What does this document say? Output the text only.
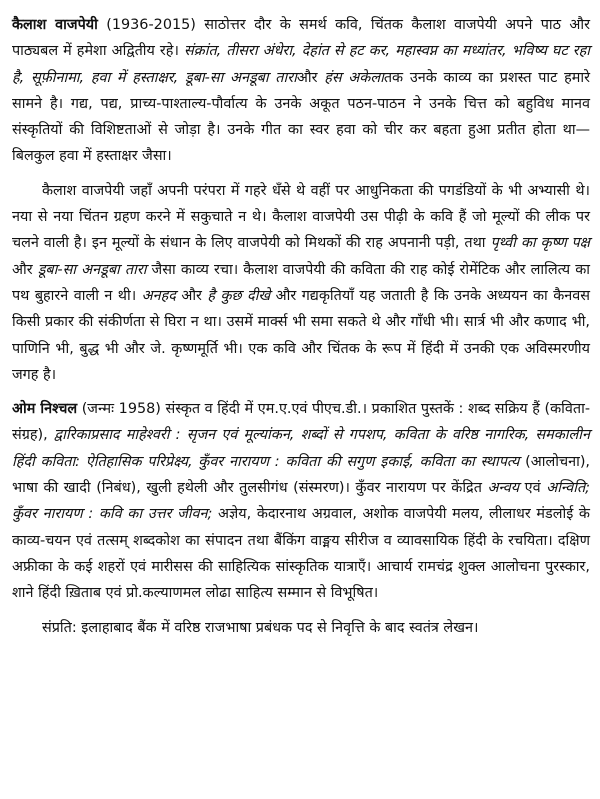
कैलाश वाजपेयी (1936-2015) साठोत्तर दौर के समर्थ कवि, चिंतक कैलाश वाजपेयी अपने पाठ और पाठ्यबल में हमेशा अद्वितीय रहे। संक्रांत, तीसरा अंधेरा, देहांत से हट कर, महास्वप्न का मध्यांतर, भविष्य घट रहा है, सूफ़ीनामा, हवा में हस्ताक्षर, डूबा-सा अनडूबा ताराऔर हंस अकेलातक उनके काव्य का प्रशस्त पाट हमारे सामने है। गद्य, पद्य, प्राच्य-पाश्ताल्य-पौर्वात्य के उनके अकूत पठन-पाठन ने उनके चित्त को बहुविध मानव संस्कृतियों की विशिष्टताओं से जोड़ा है। उनके गीत का स्वर हवा को चीर कर बहता हुआ प्रतीत होता था—बिलकुल हवा में हस्ताक्षर जैसा।

कैलाश वाजपेयी जहाँ अपनी परंपरा में गहरे धँसे थे वहीं पर आधुनिकता की पगडंडियों के भी अभ्यासी थे। नया से नया चिंतन ग्रहण करने में सकुचाते न थे। कैलाश वाजपेयी उस पीढ़ी के कवि हैं जो मूल्यों की लीक पर चलने वाली है। इन मूल्यों के संधान के लिए वाजपेयी को मिथकों की राह अपनानी पड़ी, तथा पृथ्वी का कृष्ण पक्ष और डूबा-सा अनडूबा तारा जैसा काव्य रचा। कैलाश वाजपेयी की कविता की राह कोई रोमेंटिक और लालित्य का पथ बुहारने वाली न थी। अनहद और है कुछ दीखे और गद्यकृतियाँ यह जताती है कि उनके अध्ययन का कैनवस किसी प्रकार की संकीर्णता से घिरा न था। उसमें मार्क्स भी समा सकते थे और गाँधी भी। सार्त्र भी और कणाद भी, पाणिनि भी, बुद्ध भी और जे. कृष्णमूर्ति भी। एक कवि और चिंतक के रूप में हिंदी में उनकी एक अविस्मरणीय जगह है।

ओम निश्चल (जन्मः 1958) संस्कृत व हिंदी में एम.ए.एवं पीएच.डी.। प्रकाशित पुस्तकें : शब्द सक्रिय हैं (कविता-संग्रह), द्वारिकाप्रसाद माहेश्वरी : सृजन एवं मूल्यांकन, शब्दों से गपशप, कविता के वरिष्ठ नागरिक, समकालीन हिंदी कविता: ऐतिहासिक परिप्रेक्ष्य, कुँवर नारायण : कविता की सगुण इकाई, कविता का स्थापत्य (आलोचना), भाषा की खादी (निबंध), खुली हथेली और तुलसीगंध (संस्मरण)। कुँवर नारायण पर केंद्रित अन्वय एवं अन्विति; कुँवर नारायण : कवि का उत्तर जीवन; अज्ञेय, केदारनाथ अग्रवाल, अशोक वाजपेयी मलय, लीलाधर मंडलोई के काव्य-चयन एवं तत्सम् शब्दकोश का संपादन तथा बैंकिंग वाङ्मय सीरीज व व्यावसायिक हिंदी के रचयिता। दक्षिण अफ्रीका के कई शहरों एवं मारीसस की साहित्यिक सांस्कृतिक यात्राएँ। आचार्य रामचंद्र शुक्ल आलोचना पुरस्कार, शाने हिंदी ख़िताब एवं प्रो.कल्याणमल लोढा साहित्य सम्मान से विभूषित।

संप्रति: इलाहाबाद बैंक में वरिष्ठ राजभाषा प्रबंधक पद से निवृत्ति के बाद स्वतंत्र लेखन।
